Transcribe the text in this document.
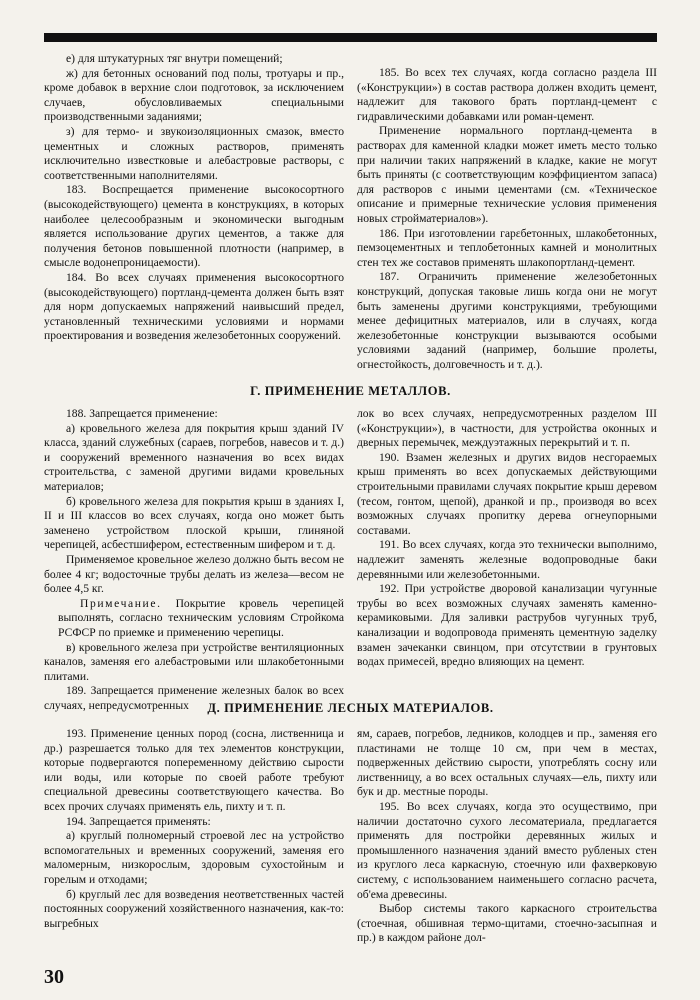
е) для штукатурных тяг внутри помещений;

ж) для бетонных оснований под полы, тротуары и пр., кроме добавок в верхние слои подготовок, за исключением случаев, обусловливаемых специальными производственными заданиями;

з) для термо- и звукоизоляционных смазок, вместо цементных и сложных растворов, применять исключительно известковые и алебастровые растворы, с соответственными наполнителями.

183. Воспрещается применение высокосортного (высокодействующего) цемента в конструкциях, в которых наиболее целесообразным и экономически выгодным является использование других цементов, а также для получения бетонов повышенной плотности (например, в смысле водонепроницаемости).

184. Во всех случаях применения высокосортного (высокодействующего) портланд-цемента должен быть взят для норм допускаемых напряжений наивысший предел, установленный техническими условиями и нормами проектирования и возведения железобетонных сооружений.

185. Во всех тех случаях, когда согласно раздела III («Конструкции») в состав раствора должен входить цемент, надлежит для такового брать портланд-цемент с гидравлическими добавками или роман-цемент.

Применение нормального портланд-цемента в растворах для каменной кладки может иметь место только при наличии таких напряжений в кладке, какие не могут быть приняты (с соответствующим коэффициентом запаса) для растворов с иными цементами (см. «Техническое описание и примерные технические условия применения новых стройматериалов»).

186. При изготовлении гарεбетонных, шлакобетонных, пемзоцементных и теплобетонных камней и монолитных стен тех же составов применять шлакопортланд-цемент.

187. Ограничить применение железобетонных конструкций, допуская таковые лишь когда они не могут быть заменены другими конструкциями, требующими менее дефицитных материалов, или в случаях, когда железобетонные конструкции вызываются особыми условиями заданий (например, большие пролеты, огнестойкость, долговечность и т. д.).

Г. ПРИМЕНЕНИЕ МЕТАЛЛОВ.

188. Запрещается применение:

а) кровельного железа для покрытия крыш зданий IV класса, зданий служебных (сараев, погребов, навесов и т. д.) и сооружений временного назначения во всех видах строительства, с заменой другими видами кровельных материалов;

б) кровельного железа для покрытия крыш в зданиях I, II и III классов во всех случаях, когда оно может быть заменено устройством плоской крыши, глиняной черепицей, асбестшифером, естественным шифером и т. д.

Применяемое кровельное железо должно быть весом не более 4 кг; водосточные трубы делать из железа—весом не более 4,5 кг.

Примечание. Покрытие кровель черепицей выполнять, согласно техническим условиям Стройкома РСФСР по приемке и применению черепицы.

в) кровельного железа при устройстве вентиляционных каналов, заменяя его алебастровыми или шлакобетонными плитами.

189. Запрещается применение железных балок во всех случаях, непредусмотренных

лок во всех случаях, непредусмотренных разделом III («Конструкции»), в частности, для устройства оконных и дверных перемычек, междуэтажных перекрытий и т. п.

190. Взамен железных и других видов несгораемых крыш применять во всех допускаемых действующими строительными правилами случаях покрытие крыш деревом (тесом, гонтом, щепой), дранкой и пр., производя во всех возможных случаях пропитку дерева огнеупорными составами.

191. Во всех случаях, когда это технически выполнимо, надлежит заменять железные водопроводные баки деревянными или железобетонными.

192. При устройстве дворовой канализации чугунные трубы во всех возможных случаях заменять каменно-керамиковыми. Для заливки раструбов чугунных труб, канализации и водопровода применять цементную заделку взамен зачеканки свинцом, при отсутствии в грунтовых водах примесей, вредно влияющих на цемент.

Д. ПРИМЕНЕНИЕ ЛЕСНЫХ МАТЕРИАЛОВ.

193. Применение ценных пород (сосна, лиственница и др.) разрешается только для тех элементов конструкции, которые подвергаются попеременному действию сырости или воды, или которые по своей работе требуют специальной древесины соответствующего качества. Во всех прочих случаях применять ель, пихту и т. п.

194. Запрещается применять:

а) круглый полномерный строевой лес на устройство вспомогательных и временных сооружений, заменяя его маломерным, низкорослым, здоровым сухостойным и горелым и отходами;

б) круглый лес для возведения неответственных частей постоянных сооружений хозяйственного назначения, как-то: выгребных

ям, сараев, погребов, ледников, колодцев и пр., заменяя его пластинами не толще 10 см, при чем в местах, подверженных действию сырости, употреблять сосну или лиственницу, а во всех остальных случаях—ель, пихту или бук и др. местные породы.

195. Во всех случаях, когда это осуществимо, при наличии достаточно сухого лесоматериала, предлагается применять для постройки деревянных жилых и промышленного назначения зданий вместо рубленых стен из круглого леса каркасную, стоечную или фахверковую систему, с использованием наименьшего согласно расчета, об'ема древесины.

Выбор системы такого каркасного строительства (стоечная, обшивная термо-щитами, стоечно-засыпная и пр.) в каждом районе дол-

30
